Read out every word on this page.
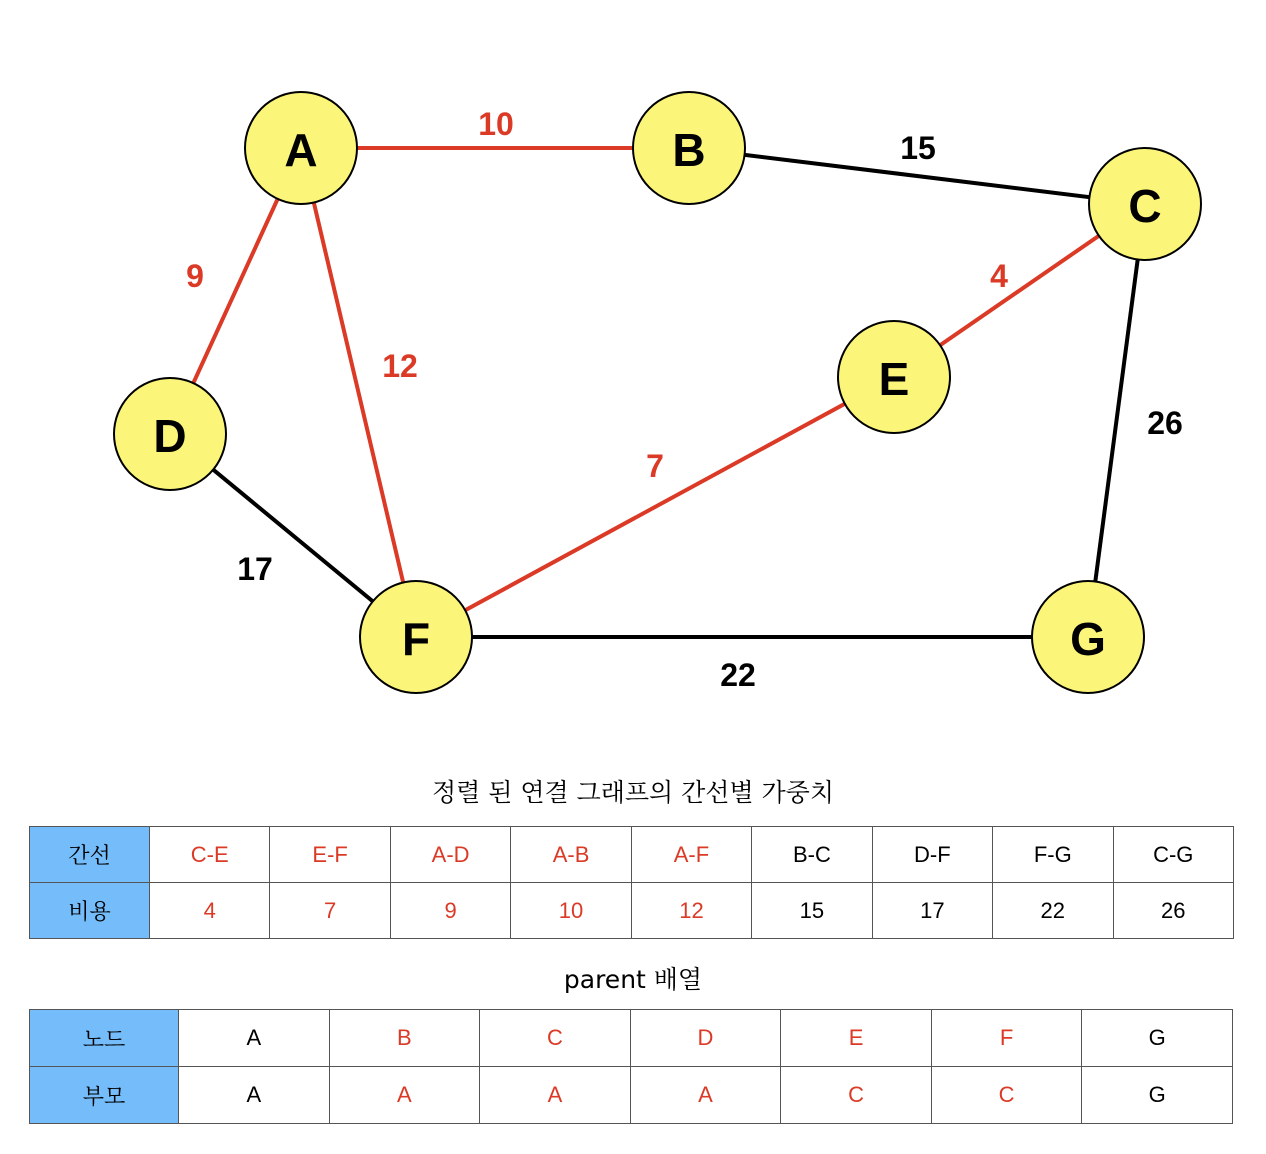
A	B
C
D
E
F	G
10
15
9
12
4
7
17
26
22
정렬 된 연결 그래프의 간선별 가중치
간선	C-E	E-F	A-D	A-B	A-F	B-C	D-F	F-G	C-G
비용	4	7	9	10	12	15	17	22	26
parent 배열
노드	A	B	C	D	E	F	G
부모	A	A	A	A	C	C	G
